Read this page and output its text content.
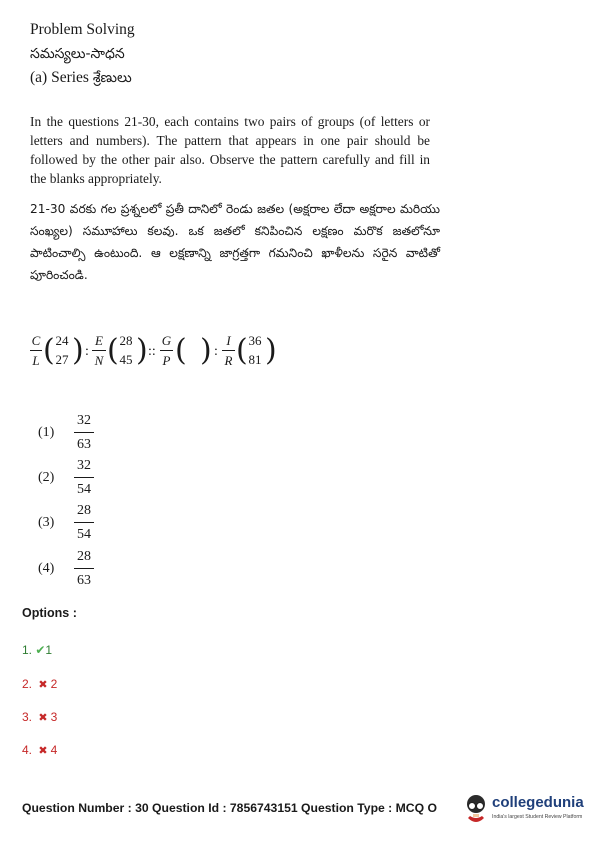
Problem Solving
సమస్యలు-సాధన
(a) Series శ్రేణులు
In the questions 21-30, each contains two pairs of groups (of letters or letters and numbers). The pattern that appears in one pair should be followed by the other pair also. Observe the pattern carefully and fill in the blanks appropriately.
21-30 వరకు గల ప్రశ్నలలో ప్రతీ దానిలో రెండు జతల (అక్షరాల లేదా అక్షరాల మరియు సంఖ్యల) సమూహాలు కలవు. ఒక జతలో కనిపించిన లక్షణం మరొక జతలోనూ పాటించాల్సి ఉంటుంది. ఆ లక్షణాన్ని జాగ్రత్తగా గమనించి ఖాళీలను సరైన వాటితో పూరించండి.
$\frac{C}{L}$ ( 24
27 ) : $\frac{E}{N}$ ( 28
45 ) :: $\frac{G}{P}$ ( ) : $\frac{I}{R}$ ( 36
81 )
(1)
32
63
(2)
32
54
(3)
28
54
(4)
28
63
Options :
1. ✔1
2. ✖ 2
3. ✖ 3
4. ✖ 4
Question Number : 30 Question Id : 7856743151 Question Type : MCQ O	collegedunia
India's largest Student Review Platform
